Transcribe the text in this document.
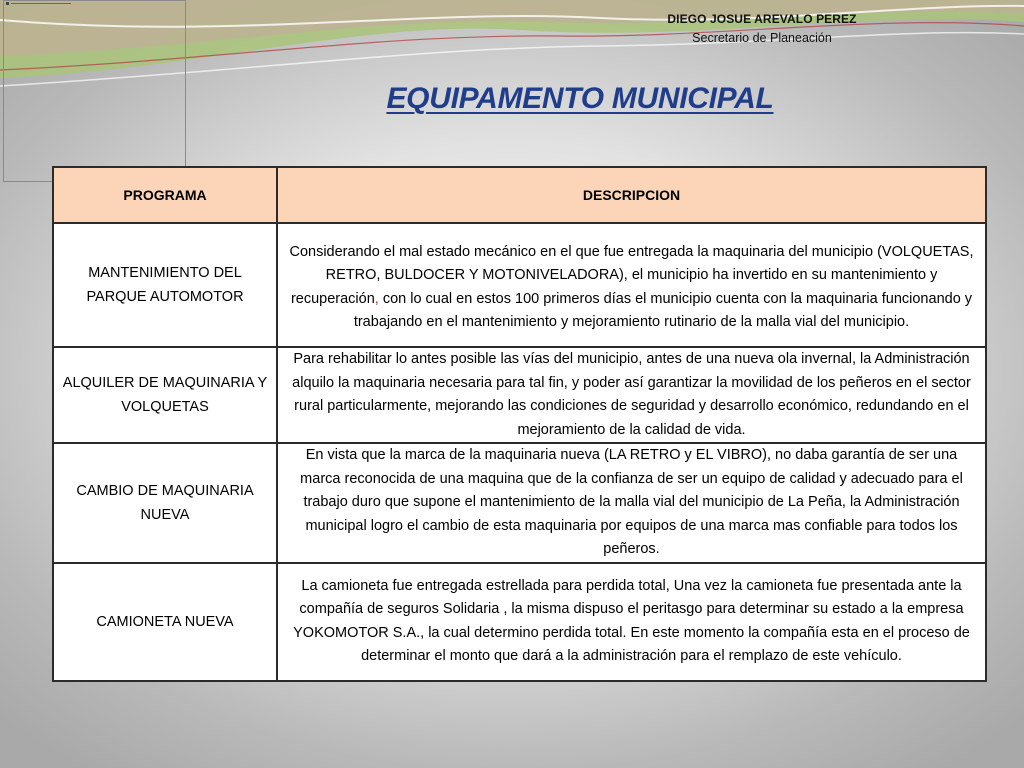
DIEGO JOSUE AREVALO PEREZ
Secretario de Planeación
EQUIPAMENTO MUNICIPAL
PROGRAMA	DESCRIPCION
MANTENIMIENTO DEL PARQUE AUTOMOTOR	Considerando el mal estado mecánico en el que fue entregada la maquinaria del municipio (VOLQUETAS, RETRO, BULDOCER Y MOTONIVELADORA), el municipio ha invertido en su mantenimiento y recuperación, con lo cual en estos 100 primeros días el municipio cuenta con la maquinaria funcionando y trabajando en el mantenimiento y mejoramiento rutinario de la malla vial del municipio.
ALQUILER DE MAQUINARIA Y VOLQUETAS	Para rehabilitar lo antes posible las vías del municipio, antes de una nueva ola invernal, la Administración alquilo la maquinaria necesaria para tal fin, y poder así garantizar la movilidad de los peñeros en el sector rural particularmente, mejorando las condiciones de seguridad y desarrollo económico, redundando en el mejoramiento de la calidad de vida.
CAMBIO DE MAQUINARIA NUEVA	En vista que la marca de la maquinaria nueva (LA RETRO y EL VIBRO), no daba garantía de ser una marca reconocida de una maquina que de la confianza de ser un equipo de calidad y adecuado para el trabajo duro que supone el mantenimiento de la malla vial del municipio de La Peña, la Administración municipal logro el cambio de esta maquinaria por equipos de una marca mas confiable para todos los peñeros.
CAMIONETA NUEVA	La camioneta fue entregada estrellada para perdida total, Una vez la camioneta fue presentada ante la compañía de seguros Solidaria , la misma dispuso el peritasgo para determinar su estado a la empresa YOKOMOTOR S.A., la cual determino perdida total. En este momento la compañía esta en el proceso de determinar el monto que dará a la administración para el remplazo de este vehículo.
